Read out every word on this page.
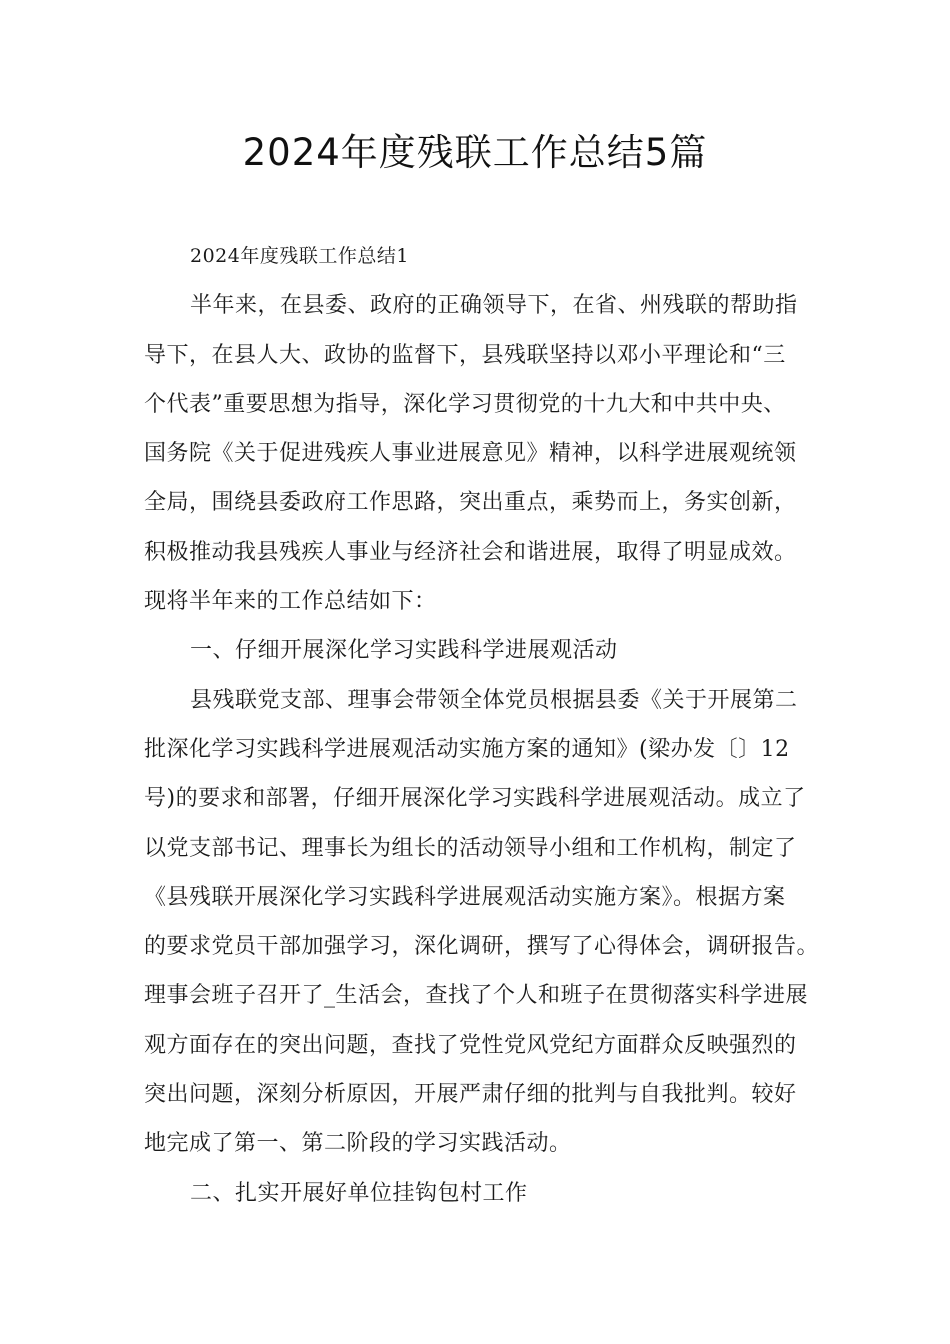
2024年度残联工作总结5篇
2024年度残联工作总结1
半年来，在县委、政府的正确领导下，在省、州残联的帮助指
导下，在县人大、政协的监督下，县残联坚持以邓小平理论和“三
个代表”重要思想为指导，深化学习贯彻党的十九大和中共中央、
国务院《关于促进残疾人事业进展意见》精神，以科学进展观统领
全局，围绕县委政府工作思路，突出重点，乘势而上，务实创新，
积极推动我县残疾人事业与经济社会和谐进展，取得了明显成效。
现将半年来的工作总结如下：
一、仔细开展深化学习实践科学进展观活动
县残联党支部、理事会带领全体党员根据县委《关于开展第二
批深化学习实践科学进展观活动实施方案的通知》(梁办发〔〕12
号)的要求和部署，仔细开展深化学习实践科学进展观活动。成立了
以党支部书记、理事长为组长的活动领导小组和工作机构，制定了
《县残联开展深化学习实践科学进展观活动实施方案》。根据方案
的要求党员干部加强学习，深化调研，撰写了心得体会，调研报告。
理事会班子召开了_生活会，查找了个人和班子在贯彻落实科学进展
观方面存在的突出问题，查找了党性党风党纪方面群众反映强烈的
突出问题，深刻分析原因，开展严肃仔细的批判与自我批判。较好
地完成了第一、第二阶段的学习实践活动。
二、扎实开展好单位挂钩包村工作
